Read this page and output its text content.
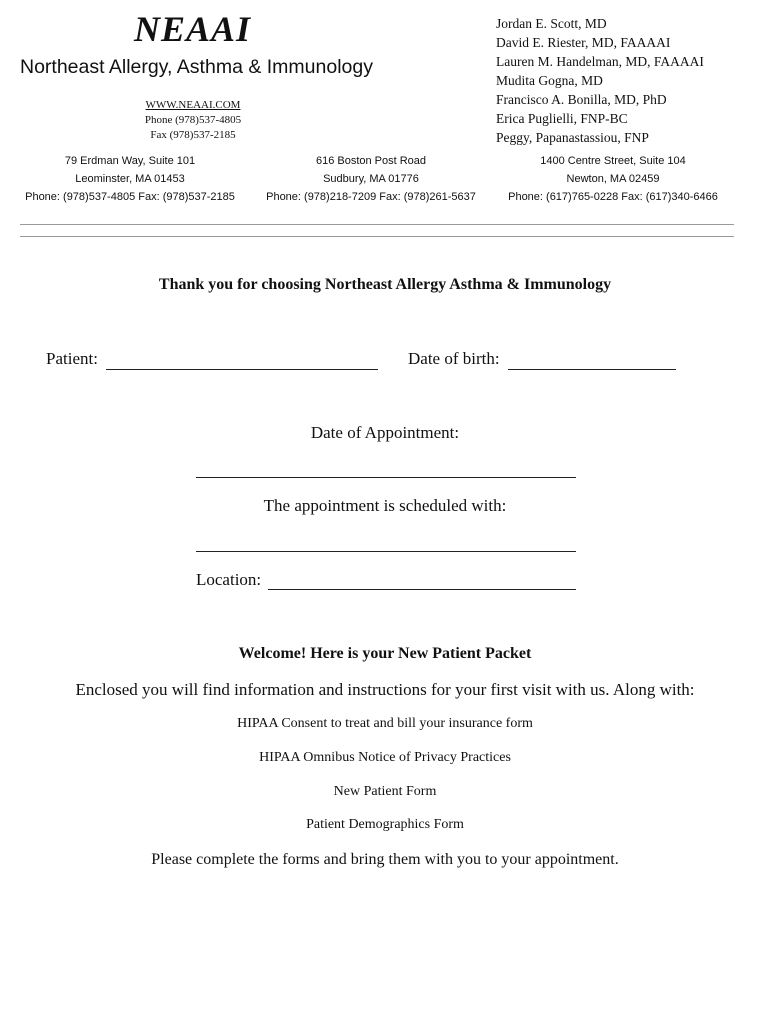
NEAAI
Northeast Allergy, Asthma & Immunology
WWW.NEAAI.COM
Phone (978)537-4805
Fax (978)537-2185
Jordan E. Scott, MD
David E. Riester, MD, FAAAAI
Lauren M. Handelman, MD, FAAAAI
Mudita Gogna, MD
Francisco A. Bonilla, MD, PhD
Erica Puglielli, FNP-BC
Peggy, Papanastassiou, FNP
79 Erdman Way, Suite 101
Leominster, MA 01453
Phone: (978)537-4805 Fax: (978)537-2185
616 Boston Post Road
Sudbury, MA 01776
Phone: (978)218-7209 Fax: (978)261-5637
1400 Centre Street, Suite 104
Newton, MA 02459
Phone: (617)765-0228 Fax: (617)340-6466
Thank you for choosing Northeast Allergy Asthma & Immunology
Patient:	Date of birth:
Date of Appointment:
The appointment is scheduled with:
Location:
Welcome! Here is your New Patient Packet
Enclosed you will find information and instructions for your first visit with us. Along with:
HIPAA Consent to treat and bill your insurance form
HIPAA Omnibus Notice of Privacy Practices
New Patient Form
Patient Demographics Form
Please complete the forms and bring them with you to your appointment.
